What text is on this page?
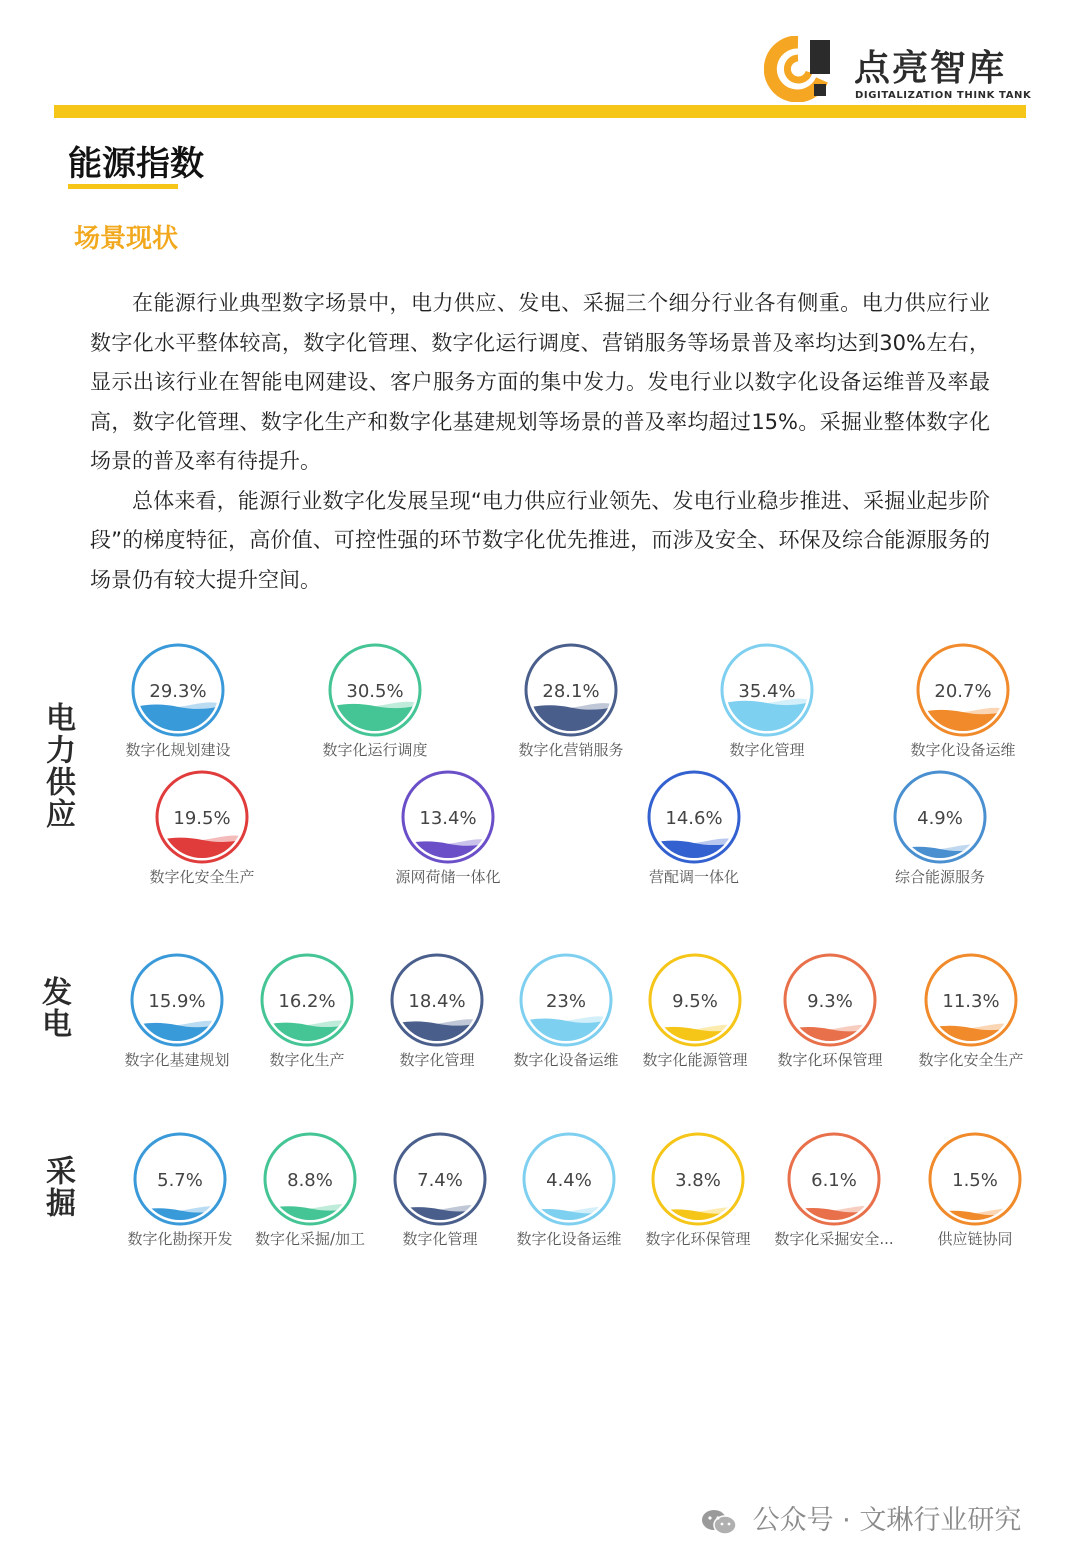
点亮智库
DIGITALIZATION THINK TANK
能源指数
场景现状

在能源行业典型数字场景中，电力供应、发电、采掘三个细分行业各有侧重。电力供应行业数字化水平整体较高，数字化管理、数字化运行调度、营销服务等场景普及率均达到30%左右，显示出该行业在智能电网建设、客户服务方面的集中发力。发电行业以数字化设备运维普及率最高，数字化管理、数字化生产和数字化基建规划等场景的普及率均超过15%。采掘业整体数字化场景的普及率有待提升。

总体来看，能源行业数字化发展呈现“电力供应行业领先、发电行业稳步推进、采掘业起步阶段”的梯度特征，高价值、可控性强的环节数字化优先推进，而涉及安全、环保及综合能源服务的场景仍有较大提升空间。

电力供应
发电
采掘
29.3%
数字化规划建设
30.5%
数字化运行调度
28.1%
数字化营销服务
35.4%
数字化管理
20.7%
数字化设备运维
19.5%
数字化安全生产
13.4%
源网荷储一体化
14.6%
营配调一体化
4.9%
综合能源服务
15.9%
数字化基建规划
16.2%
数字化生产
18.4%
数字化管理
23%
数字化设备运维
9.5%
数字化能源管理
9.3%
数字化环保管理
11.3%
数字化安全生产
5.7%
数字化勘探开发
8.8%
数字化采掘/加工
7.4%
数字化管理
4.4%
数字化设备运维
3.8%
数字化环保管理
6.1%
数字化采掘安全...
1.5%
供应链协同
公众号 · 文琳行业研究
